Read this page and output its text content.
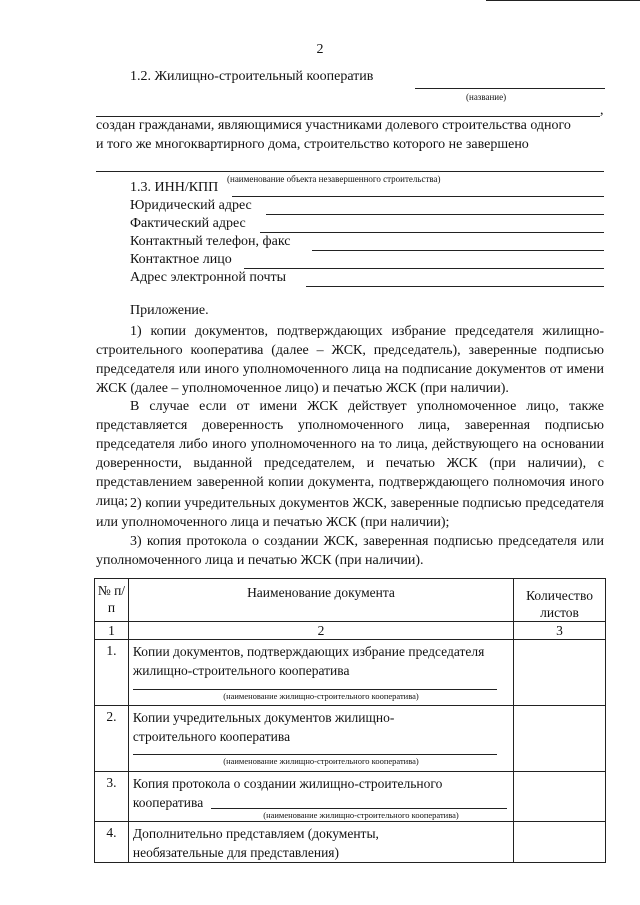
2
1.2. Жилищно-строительный кооператив
(название)
,
создан гражданами, являющимися участниками долевого строительства одного
и того же многоквартирного дома, строительство которого не завершено
(наименование объекта незавершенного строительства)
1.3. ИНН/КПП
Юридический адрес
Фактический адрес
Контактный телефон, факс
Контактное лицо
Адрес электронной почты
Приложение.
1) копии документов, подтверждающих избрание председателя жилищно-строительного кооператива (далее – ЖСК, председатель), заверенные подписью председателя или иного уполномоченного лица на подписание документов от имени ЖСК (далее – уполномоченное лицо) и печатью ЖСК (при наличии).
В случае если от имени ЖСК действует уполномоченное лицо, также представляется доверенность уполномоченного лица, заверенная подписью председателя либо иного уполномоченного на то лица, действующего на основании доверенности, выданной председателем, и печатью ЖСК (при наличии), с представлением заверенной копии документа, подтверждающего полномочия иного лица; 2) копии учредительных документов ЖСК, заверенные подписью председателя или уполномоченного лица и печатью ЖСК (при наличии);
3) копия протокола о создании ЖСК, заверенная подписью председателя или уполномоченного лица и печатью ЖСК (при наличии).
№ п/п	Наименование документа	Количество листов
1	2	3
1.	Копии документов, подтверждающих избрание председателя жилищно-строительного кооператива
(наименование жилищно-строительного кооператива)	

2.	Копии учредительных документов жилищно-строительного кооператива
(наименование жилищно-строительного кооператива)	

3.	Копия протокола о создании жилищно-строительного кооператива
(наименование жилищно-строительного кооператива)	

4.	Дополнительно представляем (документы, необязательные для представления)	
